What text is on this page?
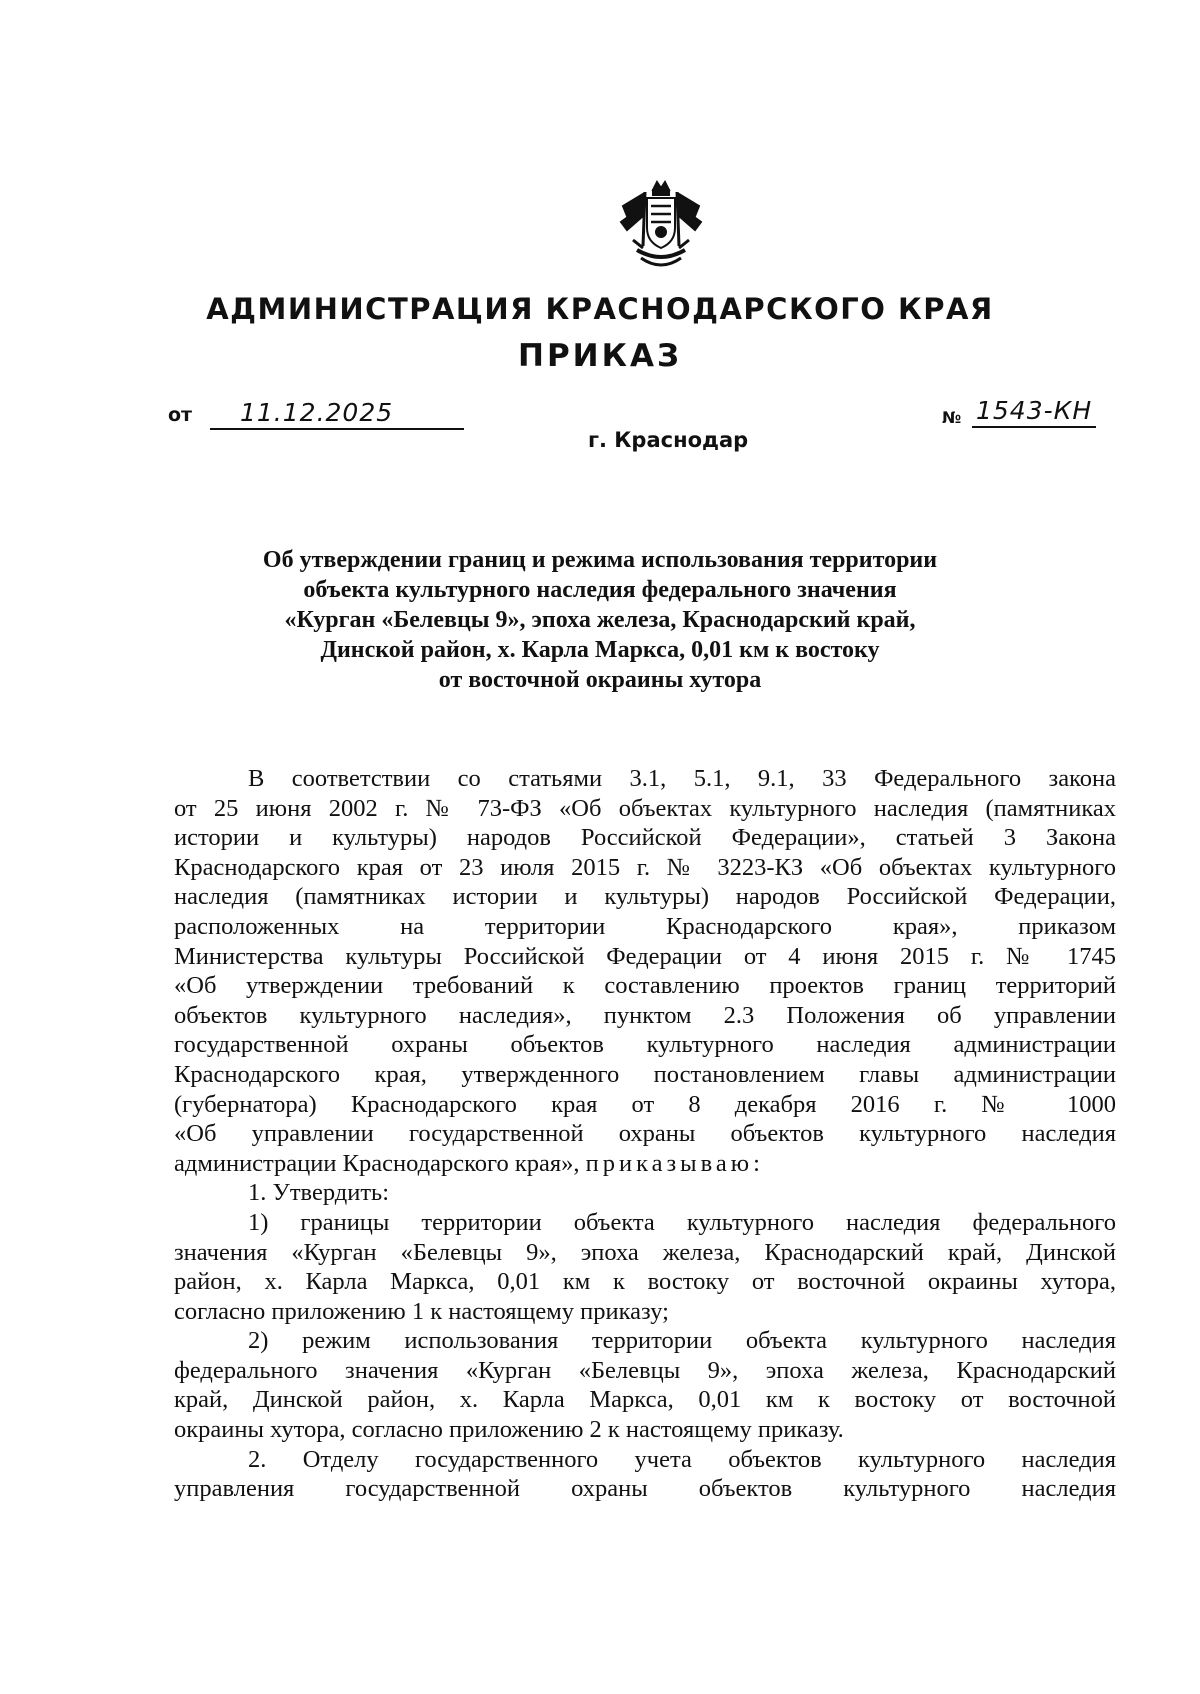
АДМИНИСТРАЦИЯ КРАСНОДАРСКОГО КРАЯ
ПРИКАЗ
от 11.12.2025
г. Краснодар
№ 1543-КН
Об утверждении границ и режима использования территории
объекта культурного наследия федерального значения
«Курган «Белевцы 9», эпоха железа, Краснодарский край,
Динской район, х. Карла Маркса, 0,01 км к востоку
от восточной окраины хутора
В соответствии со статьями 3.1, 5.1, 9.1, 33 Федерального закона
от 25 июня 2002 г. № 73-ФЗ «Об объектах культурного наследия (памятниках
истории и культуры) народов Российской Федерации», статьей 3 Закона
Краснодарского края от 23 июля 2015 г. № 3223-КЗ «Об объектах культурного
наследия (памятниках истории и культуры) народов Российской Федерации,
расположенных на территории Краснодарского края», приказом
Министерства культуры Российской Федерации от 4 июня 2015 г. № 1745
«Об утверждении требований к составлению проектов границ территорий
объектов культурного наследия», пунктом 2.3 Положения об управлении
государственной охраны объектов культурного наследия администрации
Краснодарского края, утвержденного постановлением главы администрации
(губернатора) Краснодарского края от 8 декабря 2016 г. № 1000
«Об управлении государственной охраны объектов культурного наследия
администрации Краснодарского края», приказываю:
1. Утвердить:
1) границы территории объекта культурного наследия федерального
значения «Курган «Белевцы 9», эпоха железа, Краснодарский край, Динской
район, х. Карла Маркса, 0,01 км к востоку от восточной окраины хутора,
согласно приложению 1 к настоящему приказу;
2) режим использования территории объекта культурного наследия
федерального значения «Курган «Белевцы 9», эпоха железа, Краснодарский
край, Динской район, х. Карла Маркса, 0,01 км к востоку от восточной
окраины хутора, согласно приложению 2 к настоящему приказу.
2. Отделу государственного учета объектов культурного наследия
управления государственной охраны объектов культурного наследия
